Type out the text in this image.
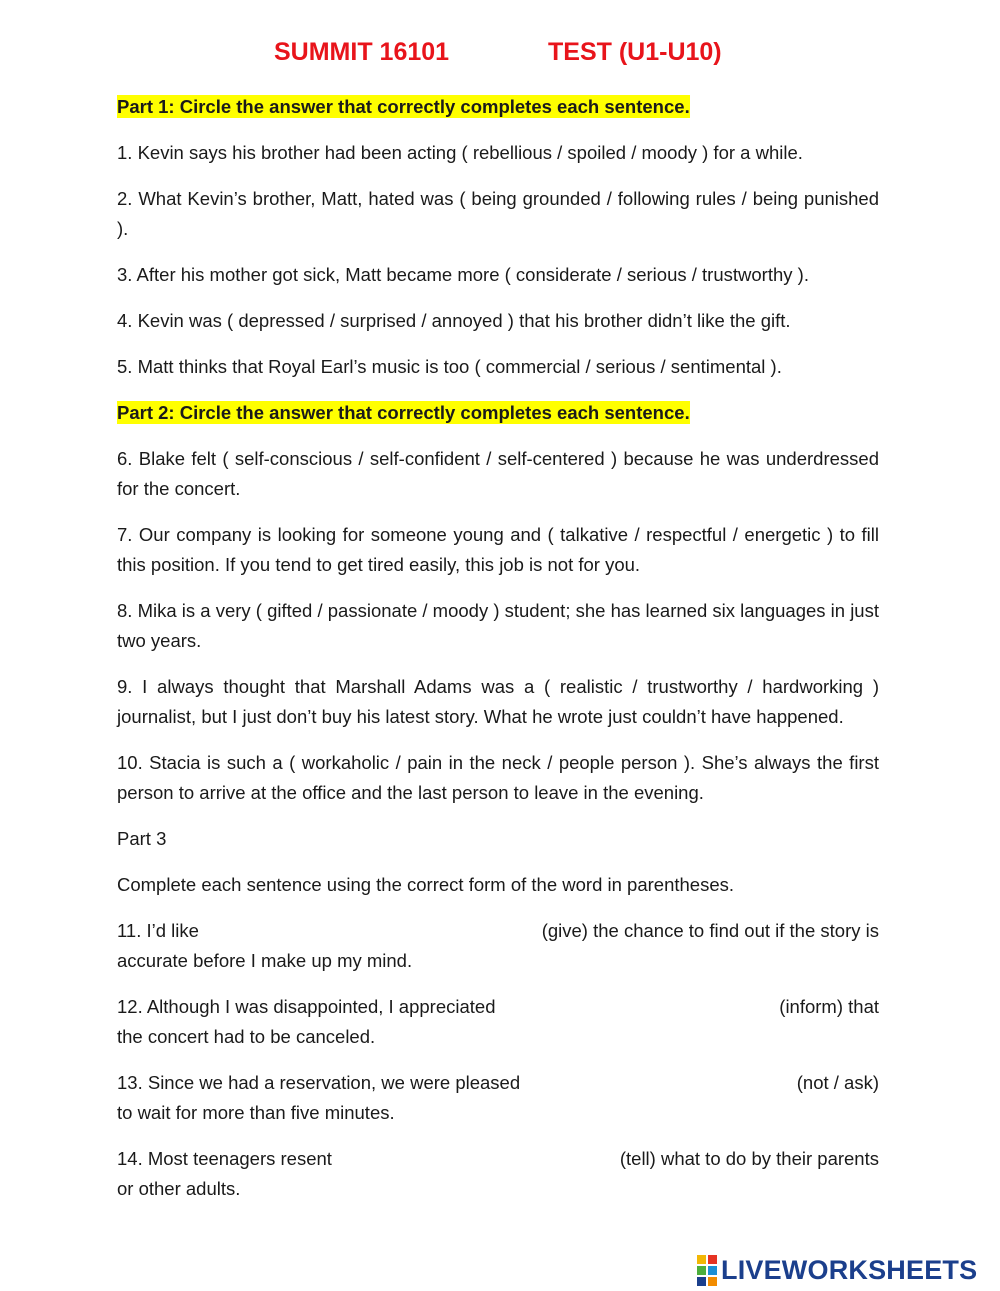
SUMMIT 16101	TEST (U1-U10)

Part 1: Circle the answer that correctly completes each sentence.

1. Kevin says his brother had been acting ( rebellious / spoiled / moody ) for a while.

2. What Kevin’s brother, Matt, hated was ( being grounded / following rules / being punished ).

3. After his mother got sick, Matt became more ( considerate / serious / trustworthy ).

4. Kevin was ( depressed / surprised / annoyed ) that his brother didn’t like the gift.

5. Matt thinks that Royal Earl’s music is too ( commercial / serious / sentimental ).

Part 2: Circle the answer that correctly completes each sentence.

6. Blake felt ( self-conscious / self-confident / self-centered ) because he was underdressed for the concert.

7. Our company is looking for someone young and ( talkative / respectful / energetic ) to fill this position. If you tend to get tired easily, this job is not for you.

8. Mika is a very ( gifted / passionate / moody ) student; she has learned six languages in just two years.

9. I always thought that Marshall Adams was a ( realistic / trustworthy / hardworking ) journalist, but I just don’t buy his latest story. What he wrote just couldn’t have happened.

10. Stacia is such a ( workaholic / pain in the neck / people person ). She’s always the first person to arrive at the office and the last person to leave in the evening.

Part 3

Complete each sentence using the correct form of the word in parentheses.

11. I’d like	(give) the chance to find out if the story is
accurate before I make up my mind.
12. Although I was disappointed, I appreciated	(inform) that
the concert had to be canceled.
13. Since we had a reservation, we were pleased	(not / ask)
to wait for more than five minutes.
14. Most teenagers resent	(tell) what to do by their parents
or other adults.
LIVEWORKSHEETS
